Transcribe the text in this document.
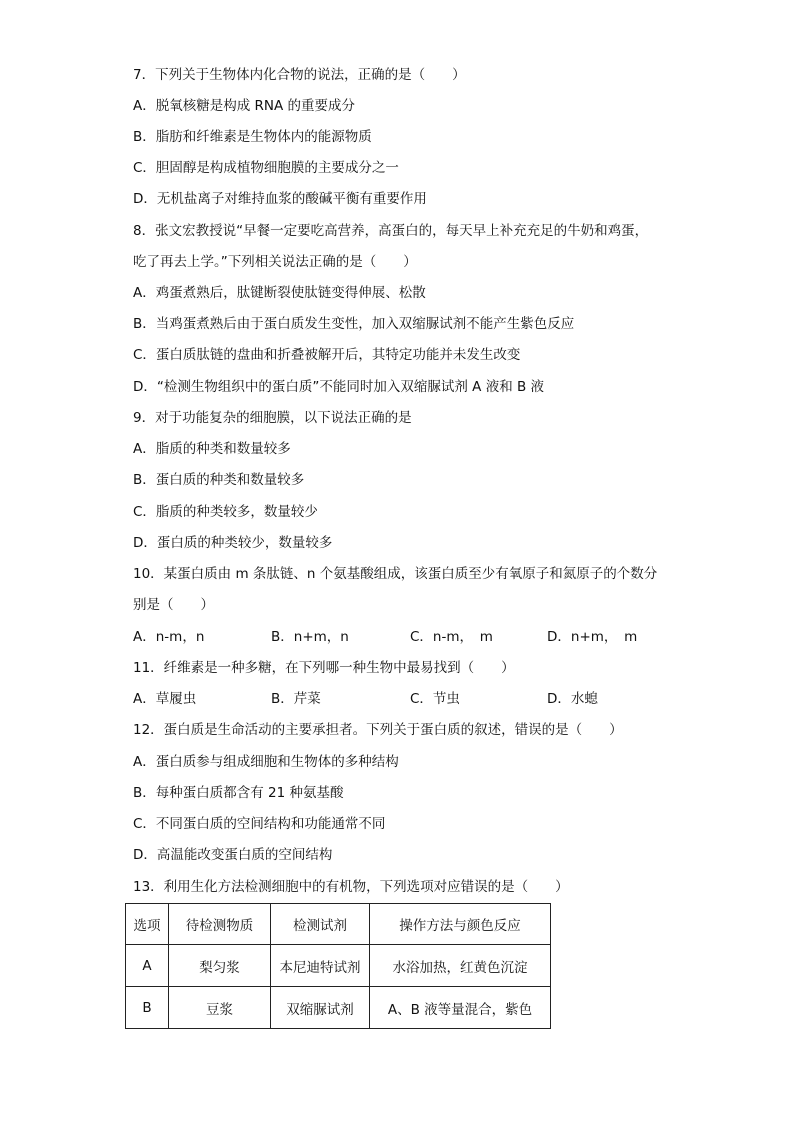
7．下列关于生物体内化合物的说法，正确的是（　　）
A．脱氧核糖是构成 RNA 的重要成分
B．脂肪和纤维素是生物体内的能源物质
C．胆固醇是构成植物细胞膜的主要成分之一
D．无机盐离子对维持血浆的酸碱平衡有重要作用
8．张文宏教授说“早餐一定要吃高营养，高蛋白的，每天早上补充充足的牛奶和鸡蛋，
吃了再去上学。”下列相关说法正确的是（　　）
A．鸡蛋煮熟后，肽键断裂使肽链变得伸展、松散
B．当鸡蛋煮熟后由于蛋白质发生变性，加入双缩脲试剂不能产生紫色反应
C．蛋白质肽链的盘曲和折叠被解开后，其特定功能并未发生改变
D．“检测生物组织中的蛋白质”不能同时加入双缩脲试剂 A 液和 B 液
9．对于功能复杂的细胞膜，以下说法正确的是
A．脂质的种类和数量较多
B．蛋白质的种类和数量较多
C．脂质的种类较多，数量较少
D．蛋白质的种类较少，数量较多
10．某蛋白质由 m 条肽链、n 个氨基酸组成，该蛋白质至少有氧原子和氮原子的个数分
别是（　　）
A．n-m，n	B．n+m，n	C．n-m，　m	D．n+m，　m
11．纤维素是一种多糖，在下列哪一种生物中最易找到（　　）
A．草履虫	B．芹菜	C．节虫	D．水螅
12．蛋白质是生命活动的主要承担者。下列关于蛋白质的叙述，错误的是（　　）
A．蛋白质参与组成细胞和生物体的多种结构
B．每种蛋白质都含有 21 种氨基酸
C．不同蛋白质的空间结构和功能通常不同
D．高温能改变蛋白质的空间结构
13．利用生化方法检测细胞中的有机物，下列选项对应错误的是（　　）
选项	待检测物质	检测试剂	操作方法与颜色反应
A	梨匀浆	本尼迪特试剂	水浴加热，红黄色沉淀
B	豆浆	双缩脲试剂	A、B 液等量混合，紫色
